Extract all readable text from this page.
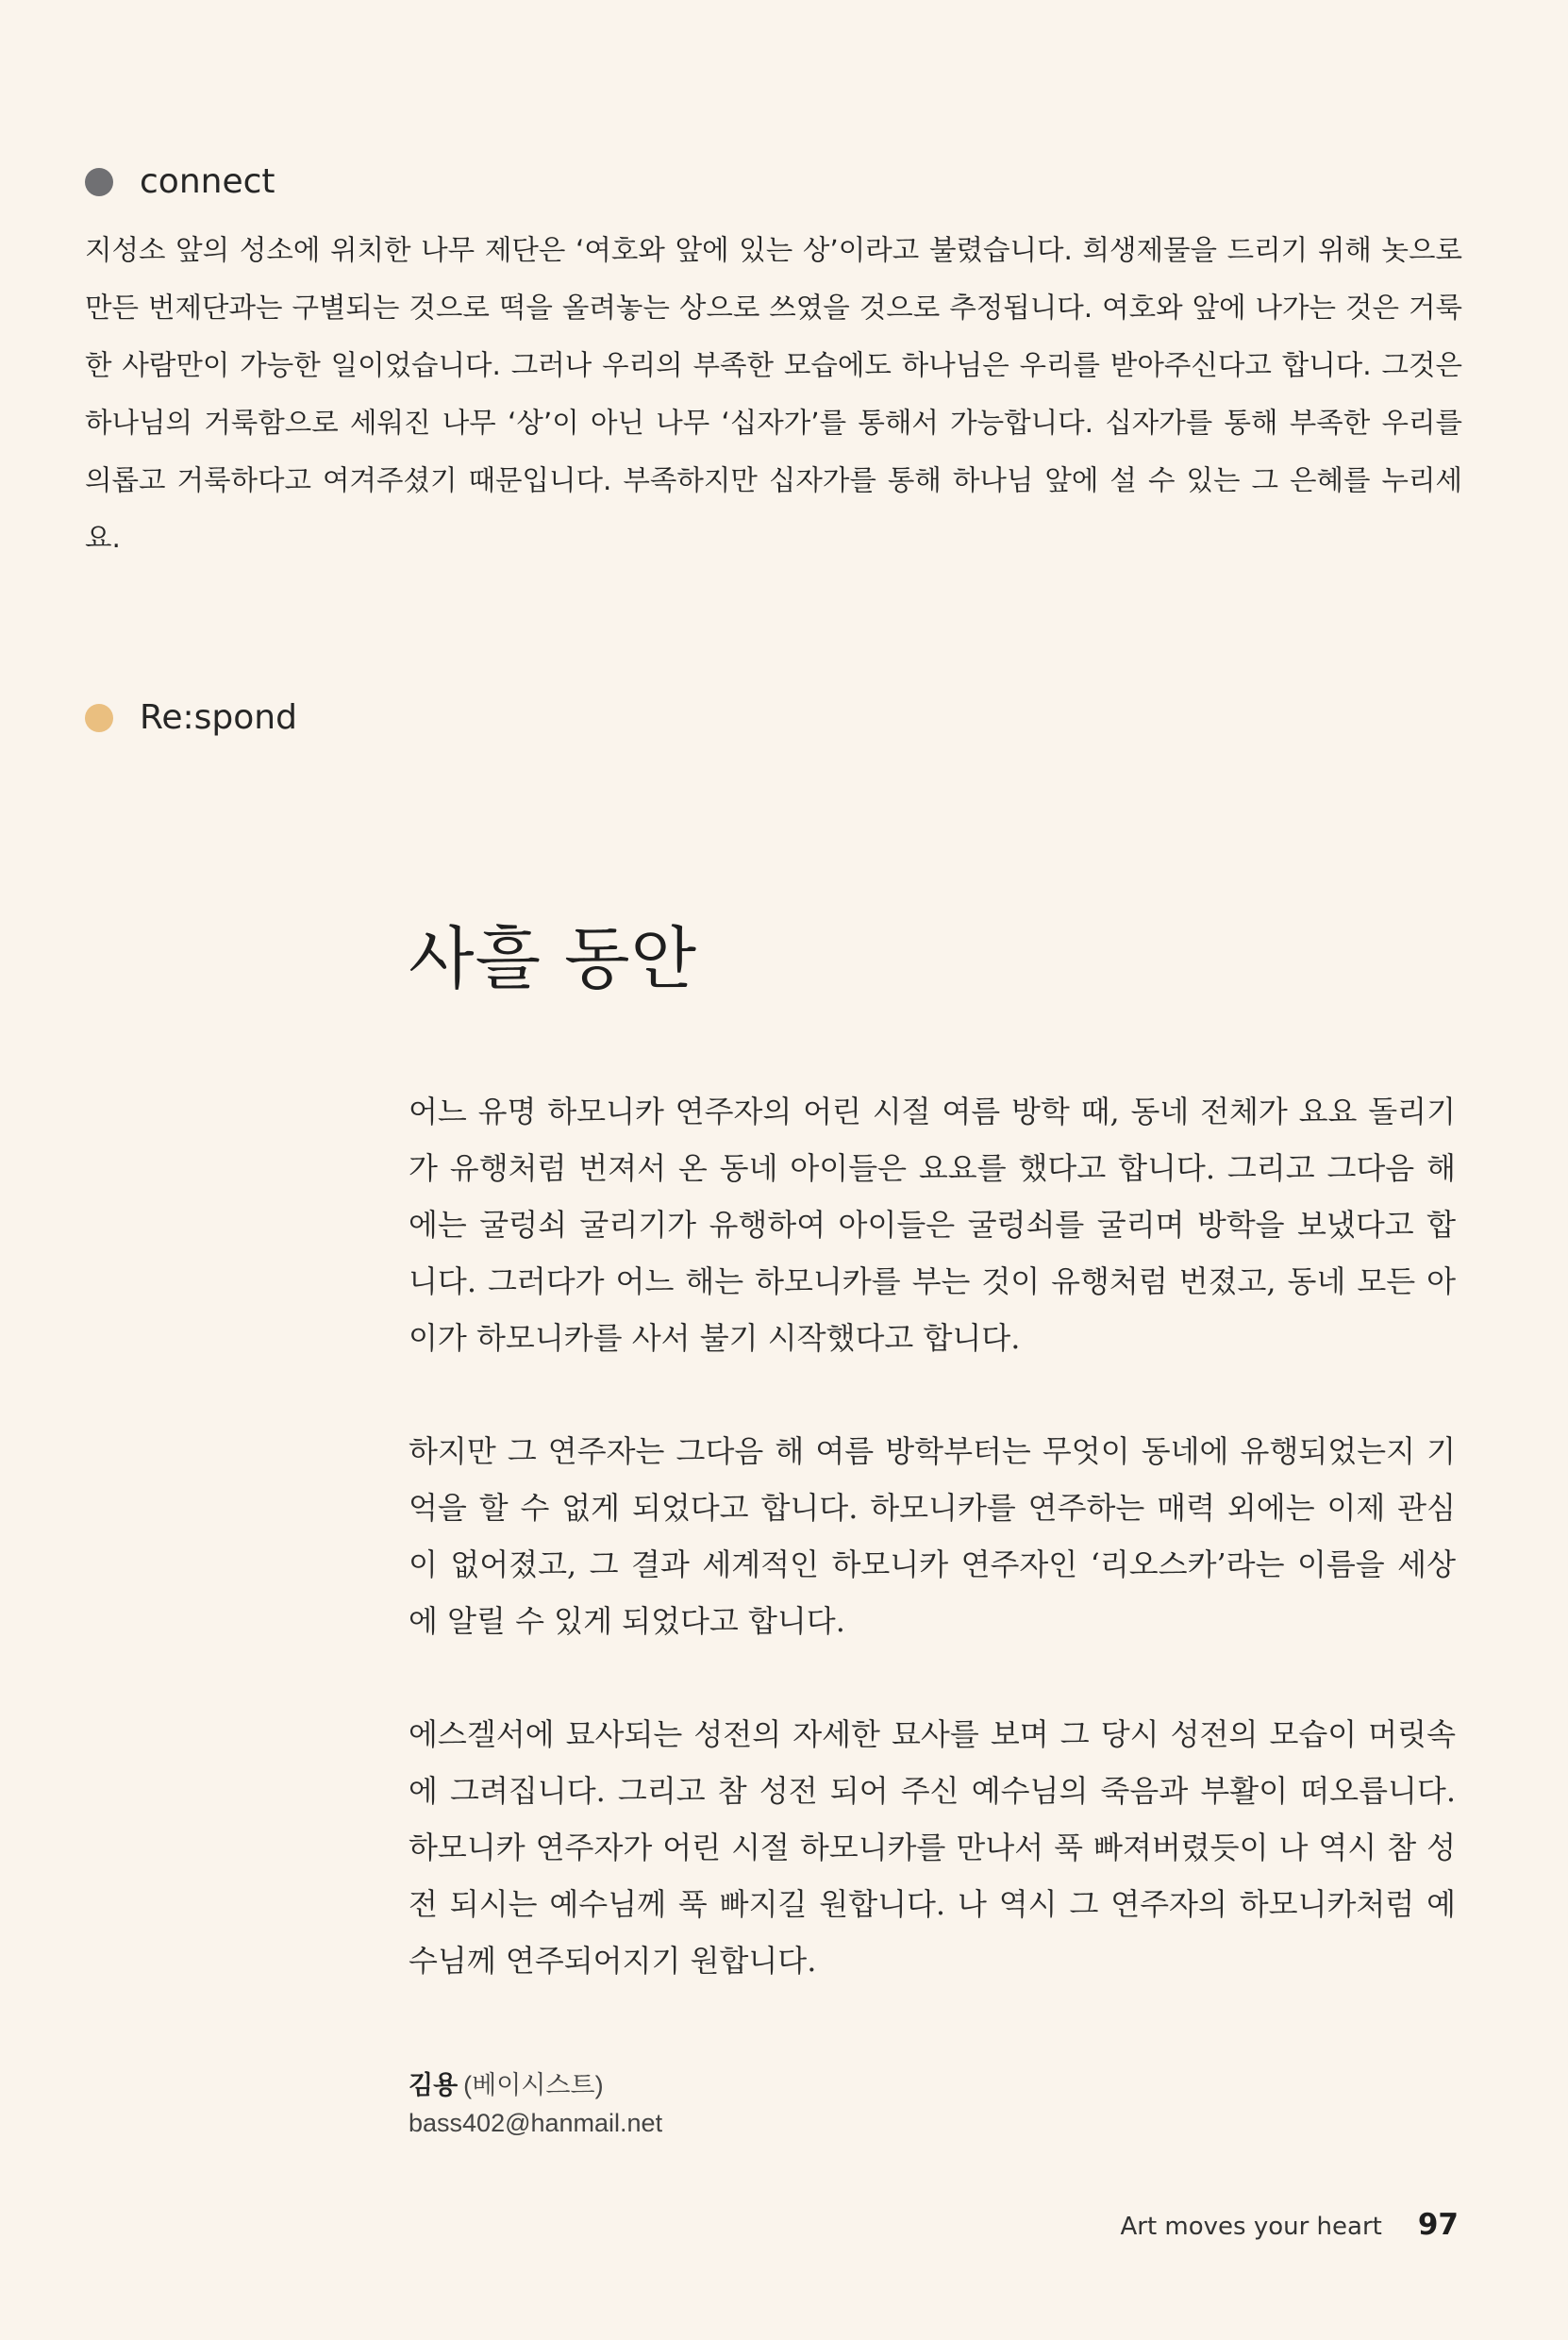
connect

지성소 앞의 성소에 위치한 나무 제단은 ‘여호와 앞에 있는 상’이라고 불렸습니다. 희생제물을 드리기 위해 놋으로 만든 번제단과는 구별되는 것으로 떡을 올려놓는 상으로 쓰였을 것으로 추정됩니다. 여호와 앞에 나가는 것은 거룩한 사람만이 가능한 일이었습니다. 그러나 우리의 부족한 모습에도 하나님은 우리를 받아주신다고 합니다. 그것은 하나님의 거룩함으로 세워진 나무 ‘상’이 아닌 나무 ‘십자가’를 통해서 가능합니다. 십자가를 통해 부족한 우리를 의롭고 거룩하다고 여겨주셨기 때문입니다. 부족하지만 십자가를 통해 하나님 앞에 설 수 있는 그 은혜를 누리세요.

Re:spond
사흘 동안

어느 유명 하모니카 연주자의 어린 시절 여름 방학 때, 동네 전체가 요요 돌리기가 유행처럼 번져서 온 동네 아이들은 요요를 했다고 합니다. 그리고 그다음 해에는 굴렁쇠 굴리기가 유행하여 아이들은 굴렁쇠를 굴리며 방학을 보냈다고 합니다. 그러다가 어느 해는 하모니카를 부는 것이 유행처럼 번졌고, 동네 모든 아이가 하모니카를 사서 불기 시작했다고 합니다.

하지만 그 연주자는 그다음 해 여름 방학부터는 무엇이 동네에 유행되었는지 기억을 할 수 없게 되었다고 합니다. 하모니카를 연주하는 매력 외에는 이제 관심이 없어졌고, 그 결과 세계적인 하모니카 연주자인 ‘리오스카’라는 이름을 세상에 알릴 수 있게 되었다고 합니다.

에스겔서에 묘사되는 성전의 자세한 묘사를 보며 그 당시 성전의 모습이 머릿속에 그려집니다. 그리고 참 성전 되어 주신 예수님의 죽음과 부활이 떠오릅니다. 하모니카 연주자가 어린 시절 하모니카를 만나서 푹 빠져버렸듯이 나 역시 참 성전 되시는 예수님께 푹 빠지길 원합니다. 나 역시 그 연주자의 하모니카처럼 예수님께 연주되어지기 원합니다.

김용 (베이시스트)
bass402@hanmail.net
Art moves your heart 97
